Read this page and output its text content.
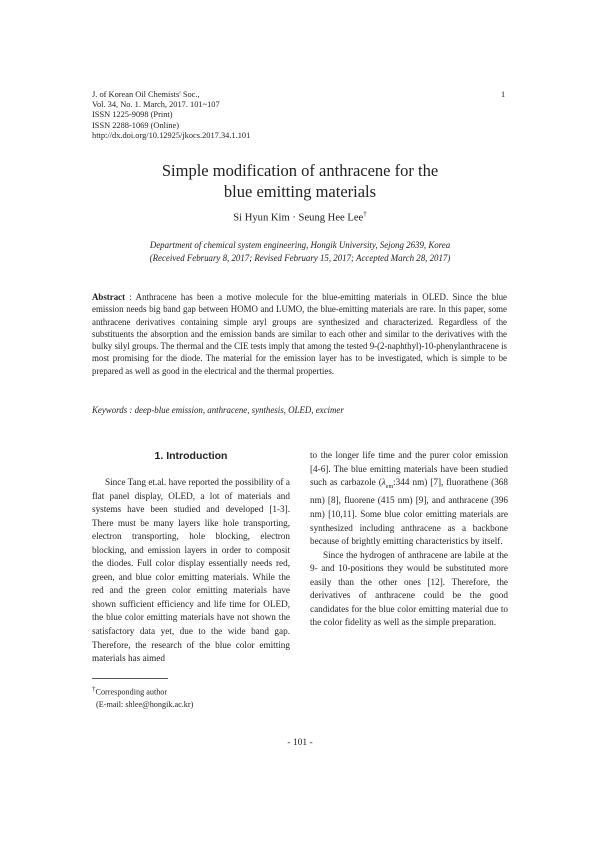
J. of Korean Oil Chemists' Soc.,
Vol. 34, No. 1. March, 2017. 101~107
ISSN 1225-9098 (Print)
ISSN 2288-1069 (Online)
http://dx.doi.org/10.12925/jkocs.2017.34.1.101
1
Simple modification of anthracene for the
blue emitting materials
Si Hyun Kim · Seung Hee Lee†
Department of chemical system engineering, Hongik University, Sejong 2639, Korea
(Received February 8, 2017; Revised February 15, 2017; Accepted March 28, 2017)
Abstract : Anthracene has been a motive molecule for the blue-emitting materials in OLED. Since the blue emission needs big band gap between HOMO and LUMO, the blue-emitting materials are rare. In this paper, some anthracene derivatives containing simple aryl groups are synthesized and characterized. Regardless of the substituents the absorption and the emission bands are similar to each other and similar to the derivatives with the bulky silyl groups. The thermal and the CIE tests imply that among the tested 9-(2-naphthyl)-10-phenylanthracene is most promising for the diode. The material for the emission layer has to be investigated, which is simple to be prepared as well as good in the electrical and the thermal properties.
Keywords : deep-blue emission, anthracene, synthesis, OLED, excimer
1. Introduction

Since Tang et.al. have reported the possibility of a flat panel display, OLED, a lot of materials and systems have been studied and developed [1-3]. There must be many layers like hole transporting, electron transporting, hole blocking, electron blocking, and emission layers in order to composit the diodes. Full color display essentially needs red, green, and blue color emitting materials. While the red and the green color emitting materials have shown sufficient efficiency and life time for OLED, the blue color emitting materials have not shown the satisfactory data yet, due to the wide band gap. Therefore, the research of the blue color emitting materials has aimed

to the longer life time and the purer color emission [4-6]. The blue emitting materials have been studied such as carbazole ($\lambda_{em}:344$ nm) [7], fluorathene (368 nm) [8], fluorene (415 nm) [9], and anthracene (396 nm) [10,11]. Some blue color emitting materials are synthesized including anthracene as a backbone because of brightly emitting characteristics by itself.

Since the hydrogen of anthracene are labile at the 9- and 10-positions they would be substituted more easily than the other ones [12]. Therefore, the derivatives of anthracene could be the good candidates for the blue color emitting material due to the color fidelity as well as the simple preparation.

†Corresponding author
(E-mail: shlee@hongik.ac.kr)
- 101 -
